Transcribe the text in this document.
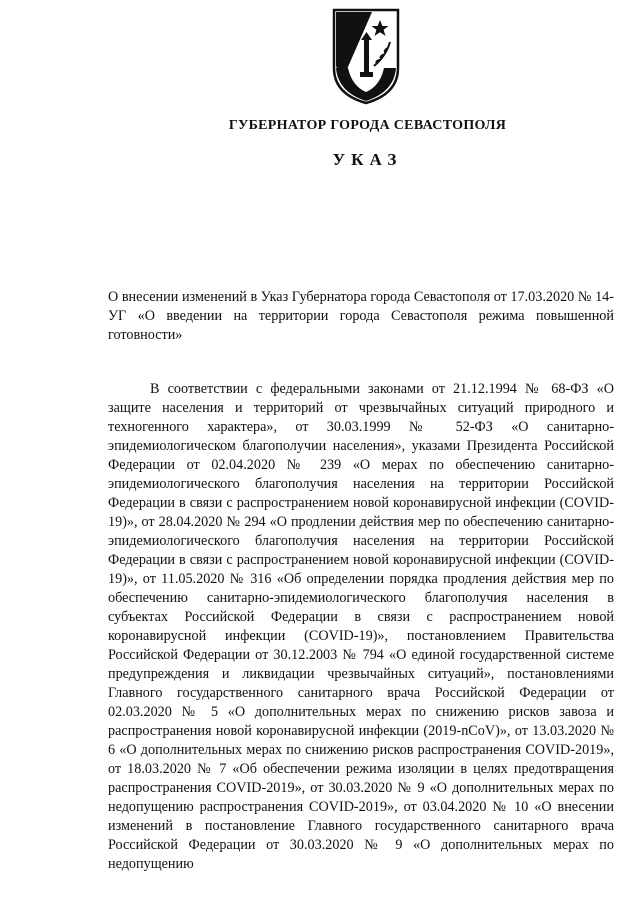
ГУБЕРНАТОР ГОРОДА СЕВАСТОПОЛЯ
УКАЗ
О внесении изменений в Указ Губернатора города Севастополя от 17.03.2020 № 14-УГ «О введении на территории города Севастополя режима повышенной готовности»

В соответствии с федеральными законами от 21.12.1994 № 68-ФЗ «О защите населения и территорий от чрезвычайных ситуаций природного и техногенного характера», от 30.03.1999 № 52-ФЗ «О санитарно-эпидемиологическом благополучии населения», указами Президента Российской Федерации от 02.04.2020 № 239 «О мерах по обеспечению санитарно-эпидемиологического благополучия населения на территории Российской Федерации в связи с распространением новой коронавирусной инфекции (COVID-19)», от 28.04.2020 № 294 «О продлении действия мер по обеспечению санитарно-эпидемиологического благополучия населения на территории Российской Федерации в связи с распространением новой коронавирусной инфекции (COVID-19)», от 11.05.2020 № 316 «Об определении порядка продления действия мер по обеспечению санитарно-эпидемиологического благополучия населения в субъектах Российской Федерации в связи с распространением новой коронавирусной инфекции (COVID-19)», постановлением Правительства Российской Федерации от 30.12.2003 № 794 «О единой государственной системе предупреждения и ликвидации чрезвычайных ситуаций», постановлениями Главного государственного санитарного врача Российской Федерации от 02.03.2020 № 5 «О дополнительных мерах по снижению рисков завоза и распространения новой коронавирусной инфекции (2019-nCoV)», от 13.03.2020 № 6 «О дополнительных мерах по снижению рисков распространения COVID-2019», от 18.03.2020 № 7 «Об обеспечении режима изоляции в целях предотвращения распространения COVID-2019», от 30.03.2020 № 9 «О дополнительных мерах по недопущению распространения COVID-2019», от 03.04.2020 № 10 «О внесении изменений в постановление Главного государственного санитарного врача Российской Федерации от 30.03.2020 № 9 «О дополнительных мерах по недопущению
